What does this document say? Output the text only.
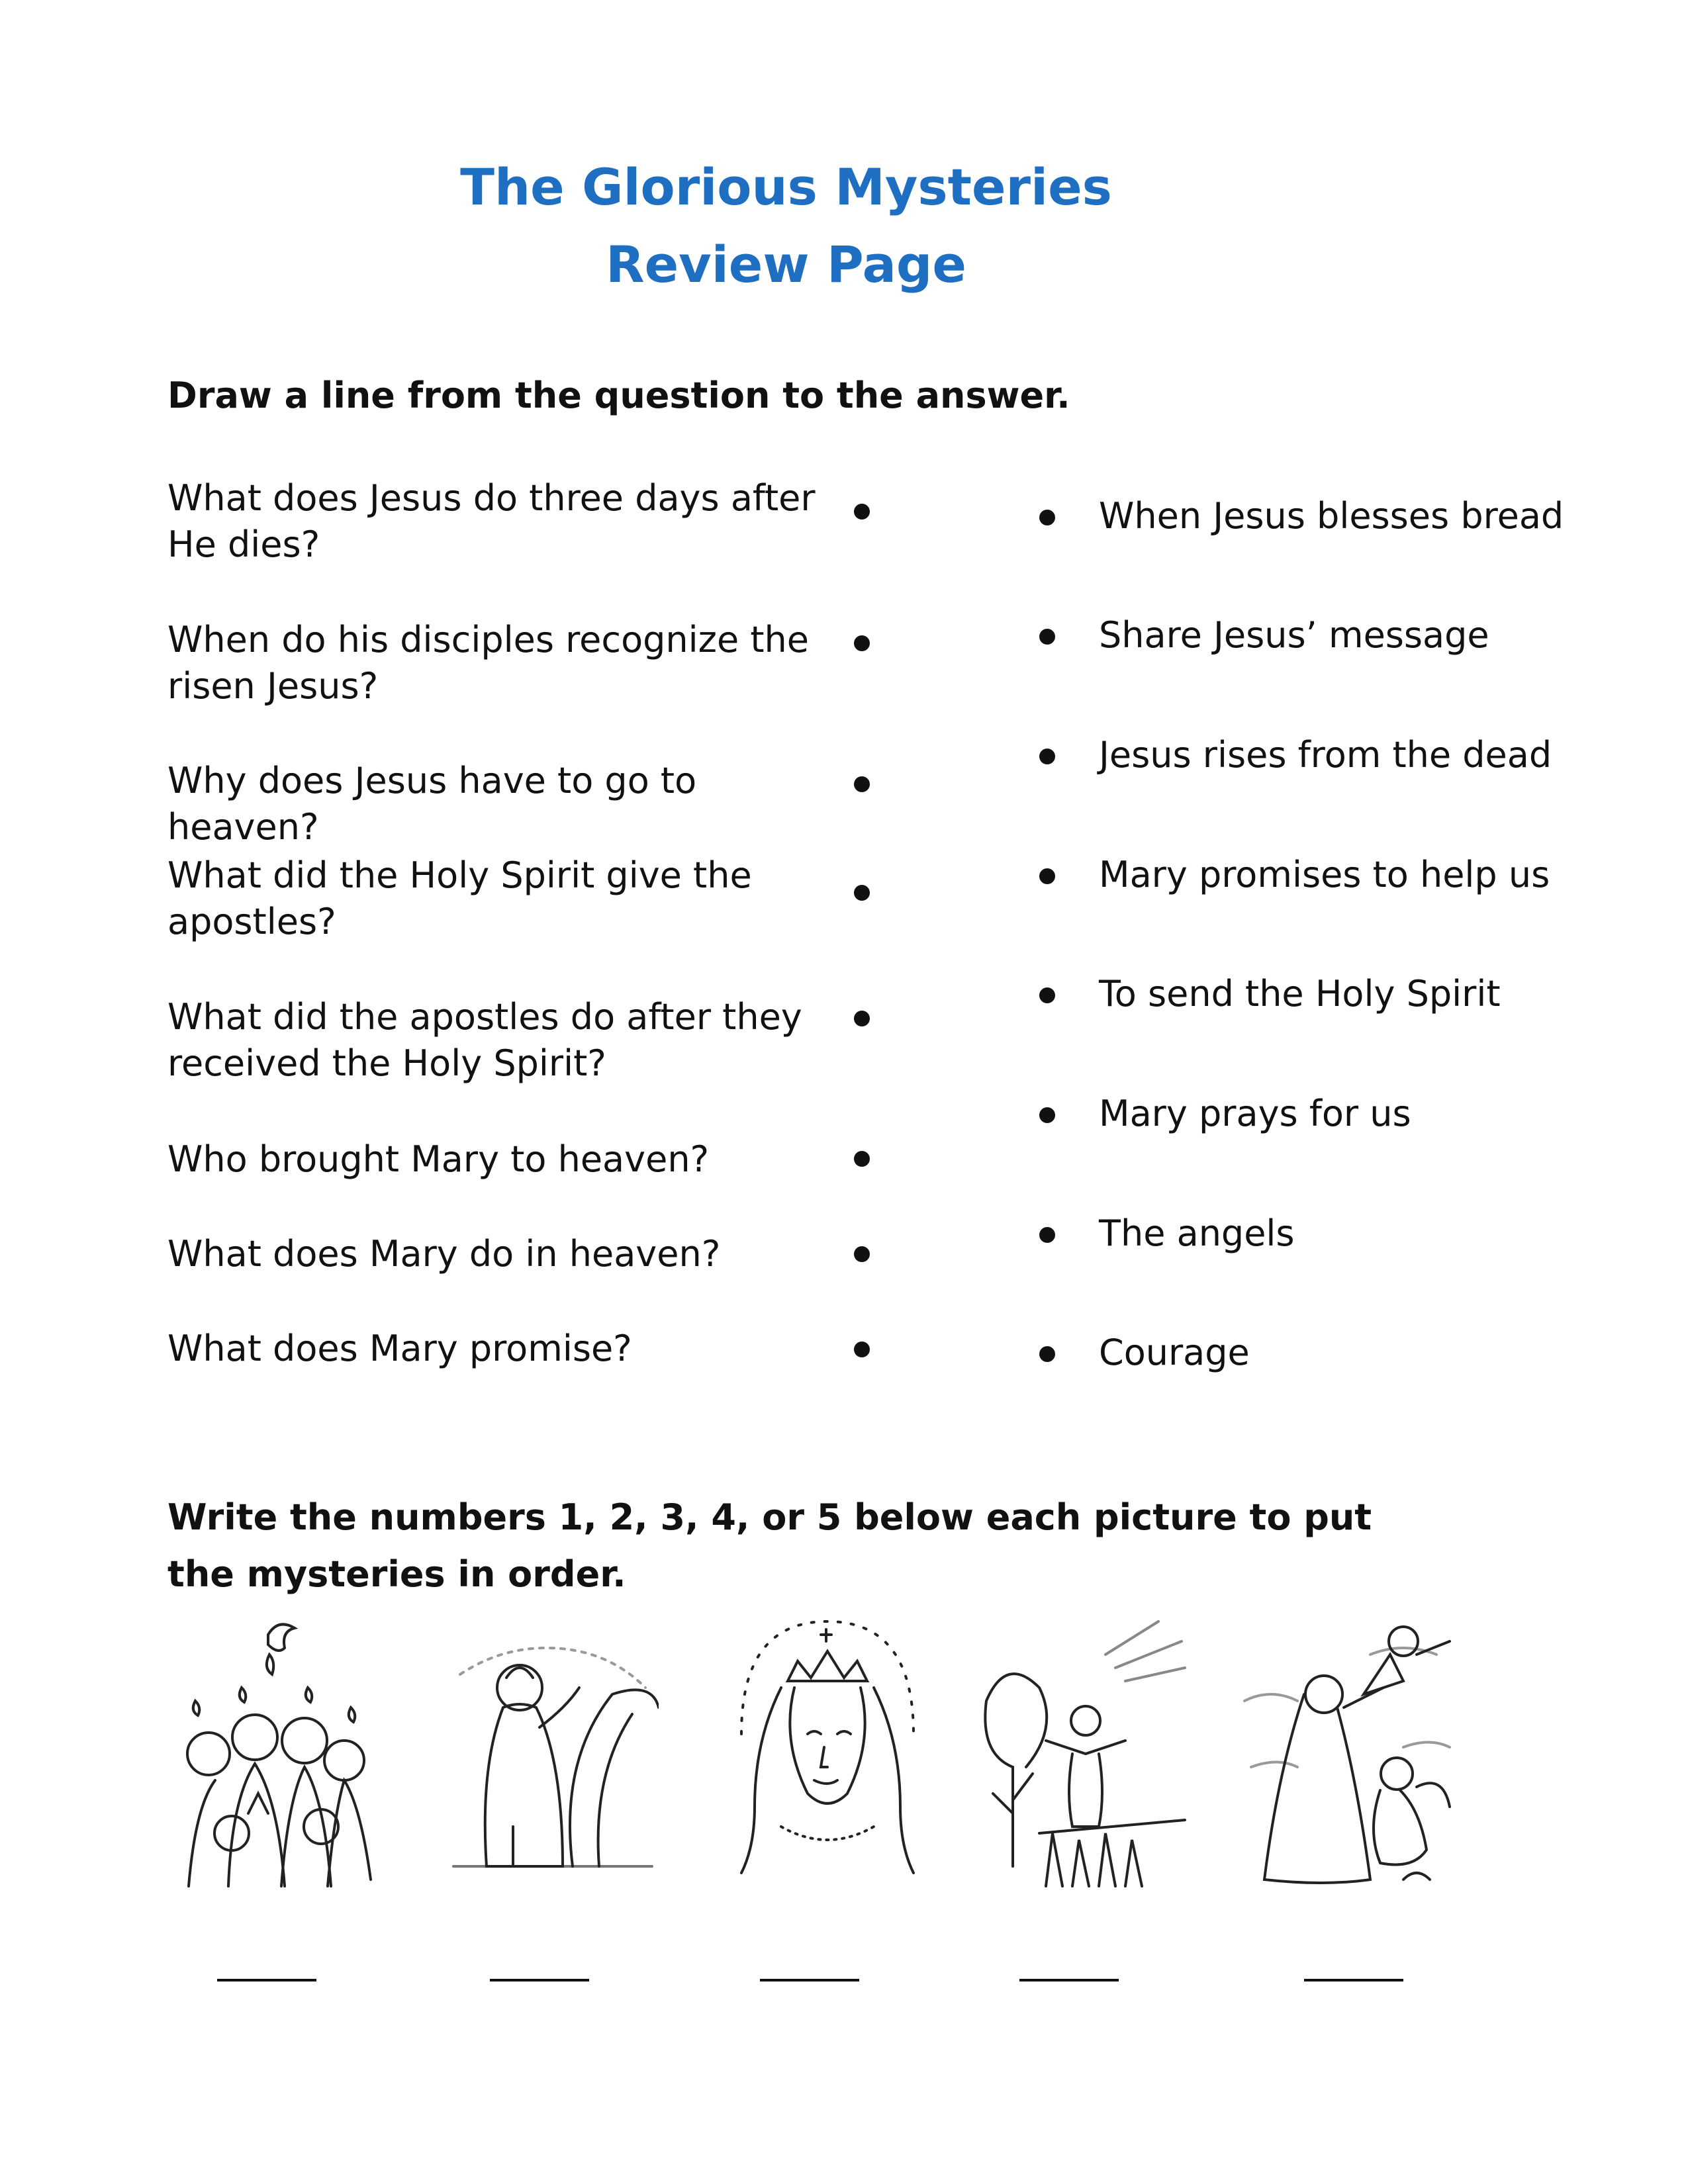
The Glorious Mysteries
Review Page
Draw a line from the question to the answer.
What does Jesus do three days after He dies?
When do his disciples recognize the risen Jesus?
Why does Jesus have to go to heaven?
What did the Holy Spirit give the apostles?
What did the apostles do after they received the Holy Spirit?
Who brought Mary to heaven?
What does Mary do in heaven?
What does Mary promise?
When Jesus blesses bread
Share Jesus’ message
Jesus rises from the dead
Mary promises to help us
To send the Holy Spirit
Mary prays for us
The angels
Courage
Write the numbers 1, 2, 3, 4, or 5 below each picture to put the mysteries in order.
